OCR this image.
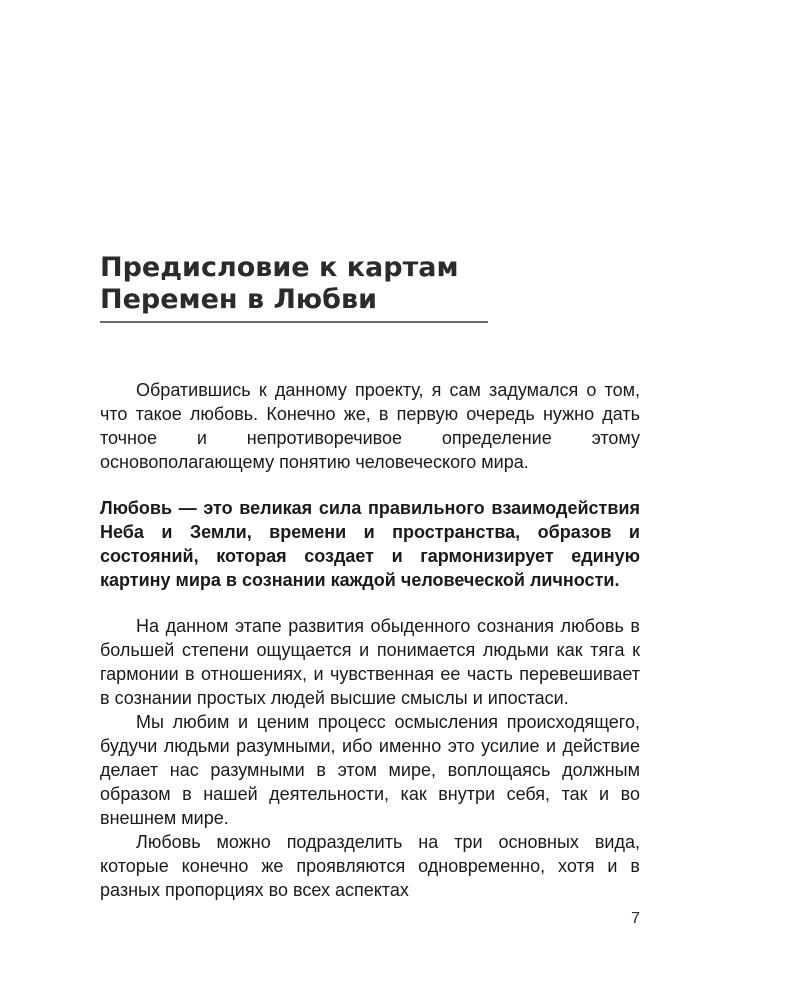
Предисловие к картам
Перемен в Любви

Обратившись к данному проекту, я сам задумался о том, что такое любовь. Конечно же, в первую очередь нужно дать точное и непротиворечивое определение этому основополагающему понятию человеческого мира.

Любовь — это великая сила правильного взаимодействия Неба и Земли, времени и пространства, образов и состояний, которая создает и гармонизирует единую картину мира в сознании каждой человеческой личности.

На данном этапе развития обыденного сознания любовь в большей степени ощущается и понимается людьми как тяга к гармонии в отношениях, и чувственная ее часть перевешивает в сознании простых людей высшие смыслы и ипостаси.

Мы любим и ценим процесс осмысления происходящего, будучи людьми разумными, ибо именно это усилие и действие делает нас разумными в этом мире, воплощаясь должным образом в нашей деятельности, как внутри себя, так и во внешнем мире.

Любовь можно подразделить на три основных вида, которые конечно же проявляются одновременно, хотя и в разных пропорциях во всех аспектах

7
